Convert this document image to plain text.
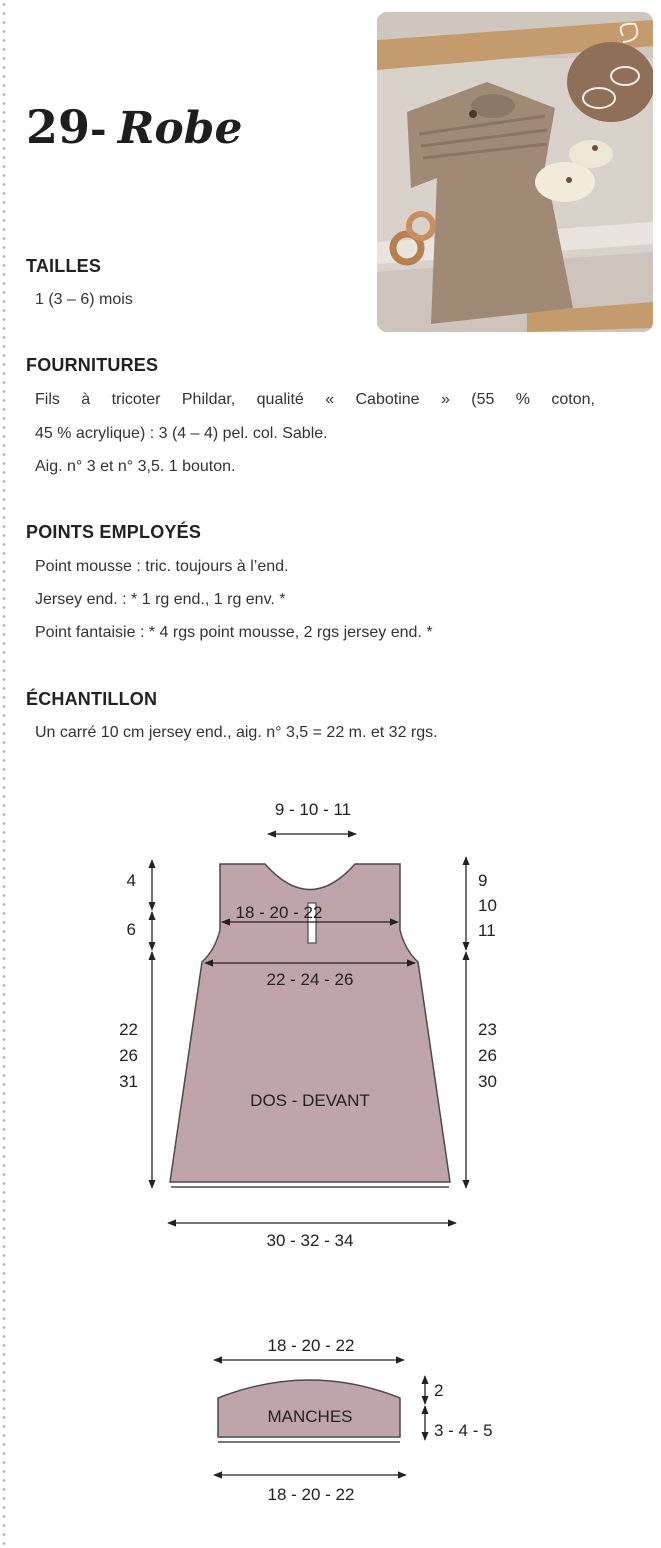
29- Robe
TAILLES

1 (3 – 6) mois

FOURNITURES

Fils à tricoter Phildar, qualité « Cabotine » (55 % coton,

45 % acrylique) : 3 (4 – 4) pel. col. Sable.

Aig. n° 3 et n° 3,5. 1 bouton.

POINTS EMPLOYÉS

Point mousse : tric. toujours à l’end.

Jersey end. : * 1 rg end., 1 rg env. *

Point fantaisie : * 4 rgs point mousse, 2 rgs jersey end. *

ÉCHANTILLON

Un carré 10 cm jersey end., aig. n° 3,5 = 22 m. et 32 rgs.

9 - 10 - 11
18 - 20 - 22
22 - 24 - 26
DOS - DEVANT
30 - 32 - 34
4
6
22
26
31
9
10
11
23
26
30
18 - 20 - 22
MANCHES
2
3 - 4 - 5
18 - 20 - 22
